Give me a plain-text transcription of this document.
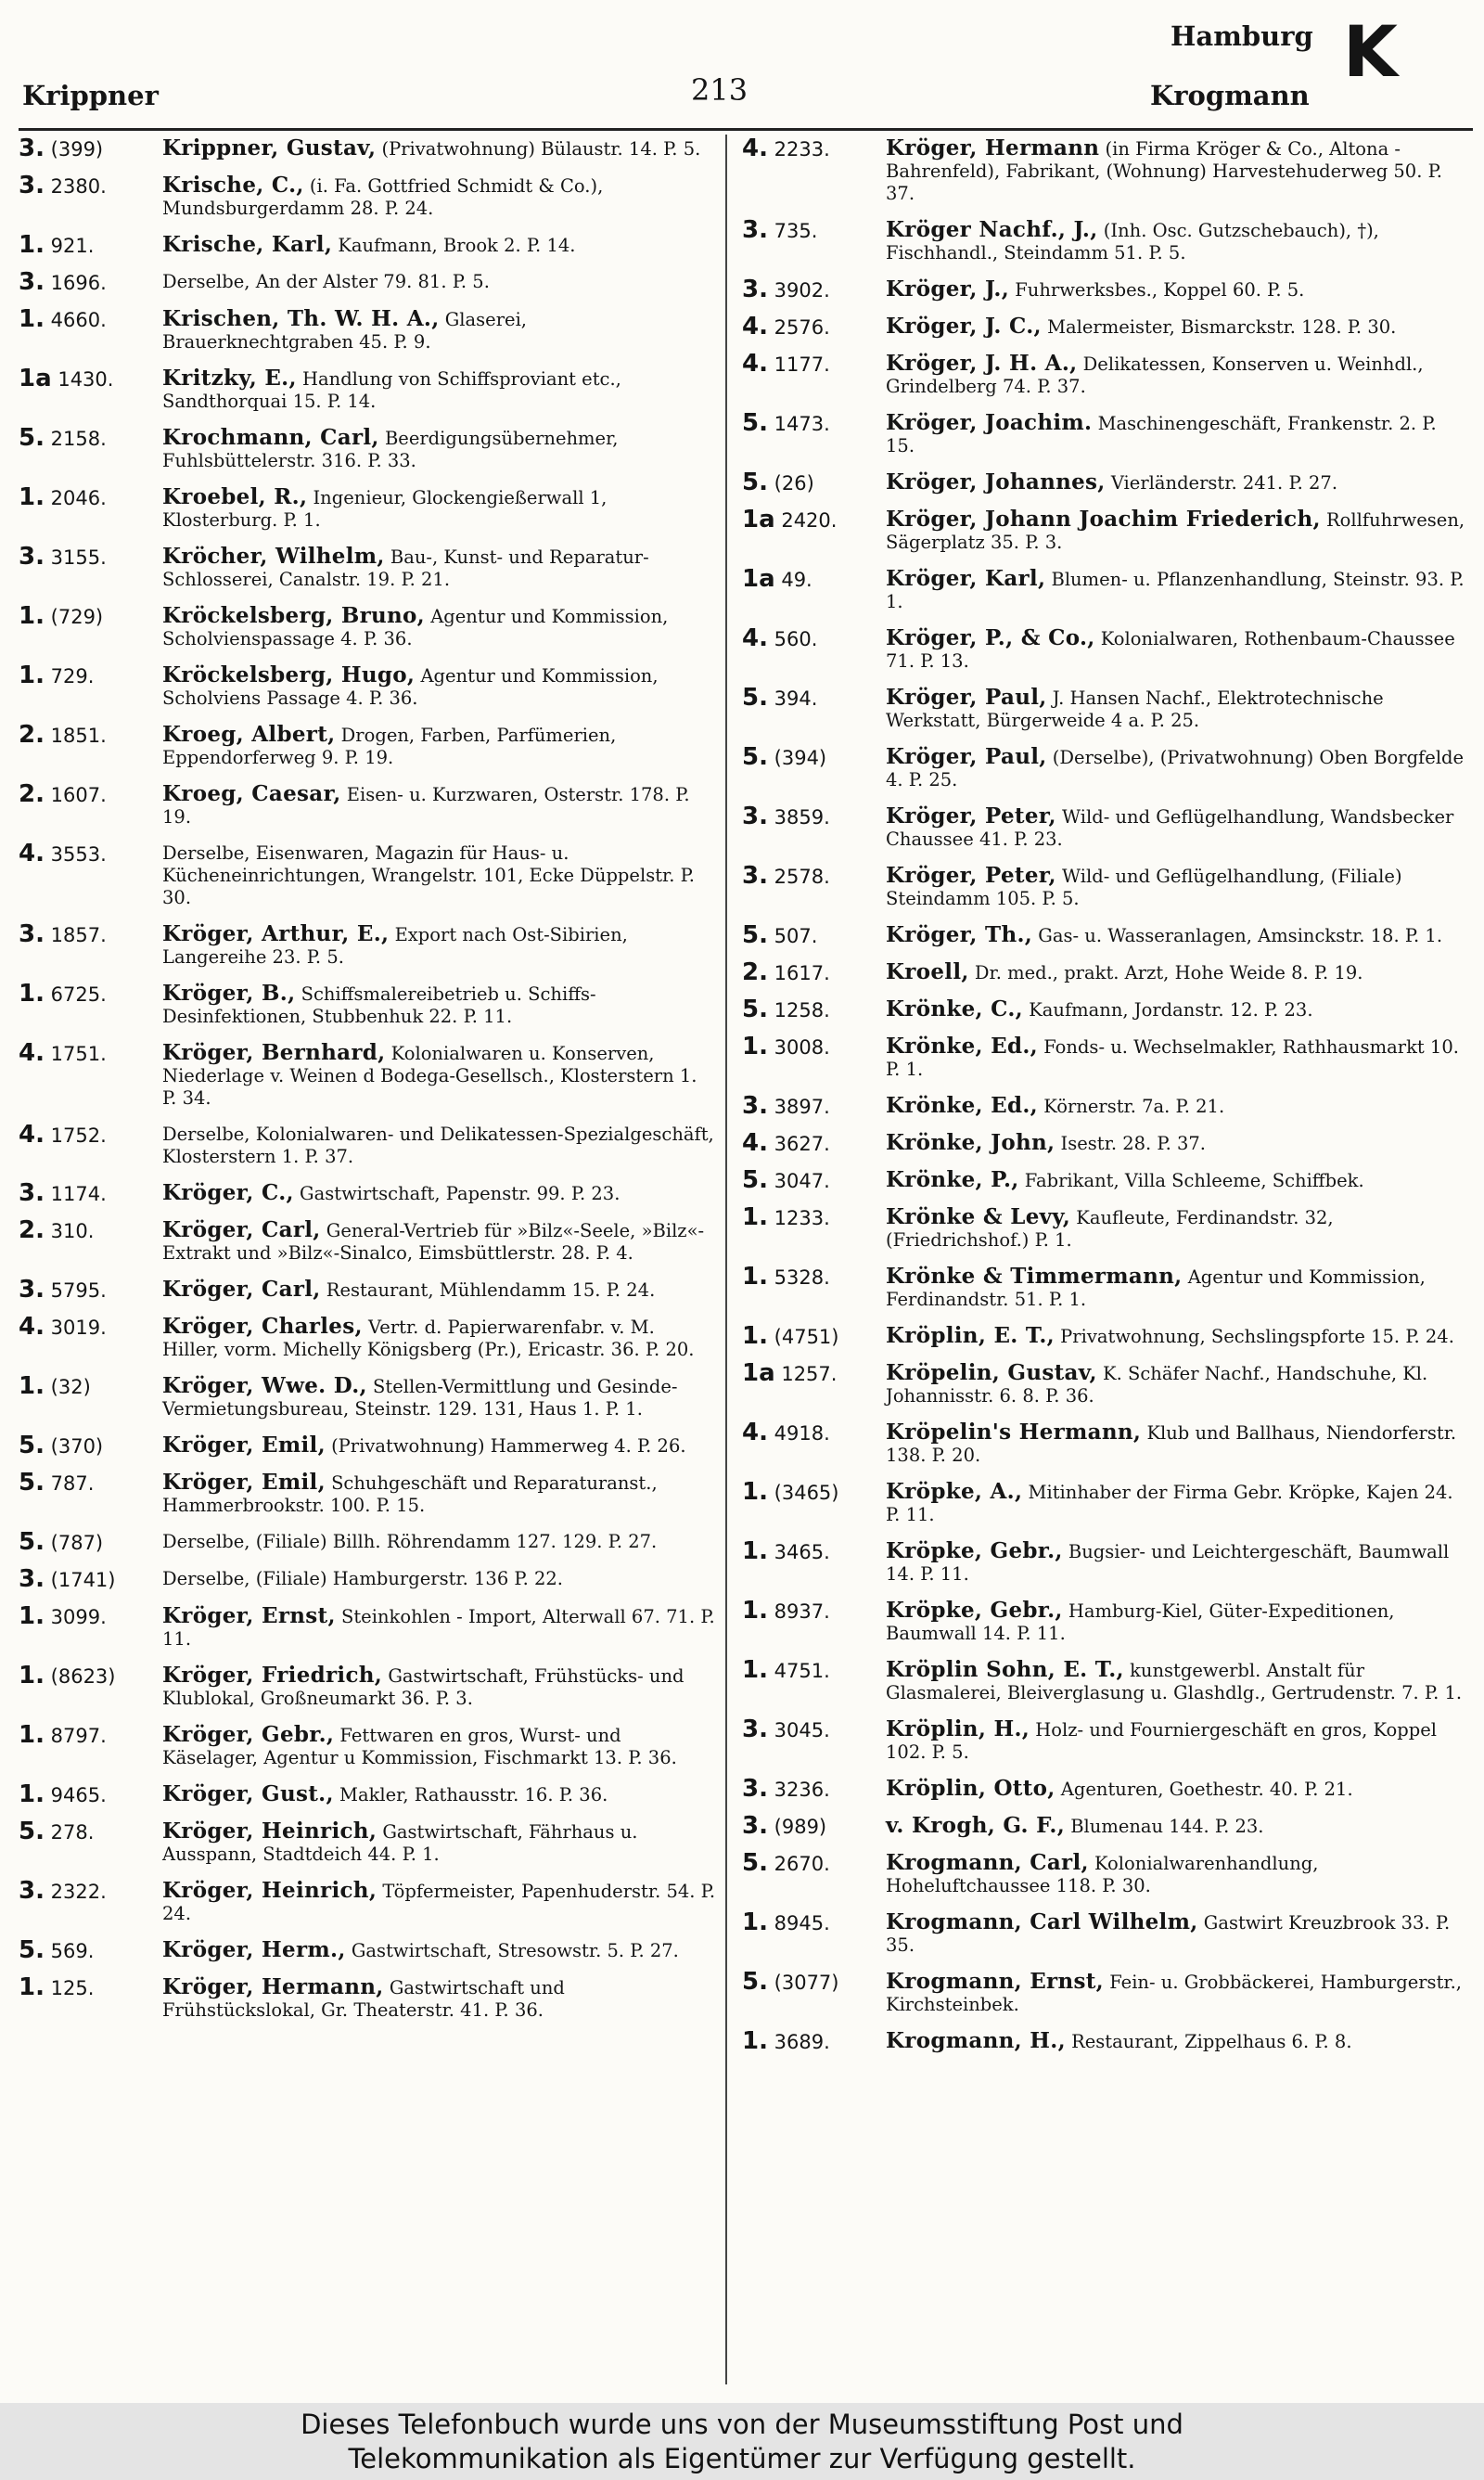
Krippner	213
Hamburg
Krogmann
K
3. (399)	Krippner, Gustav, (Privatwohnung) Bülaustr. 14. P. 5.
3. 2380.	Krische, C., (i. Fa. Gottfried Schmidt & Co.), Mundsburgerdamm 28. P. 24.
1. 921.	Krische, Karl, Kaufmann, Brook 2. P. 14.
3. 1696.	Derselbe, An der Alster 79. 81. P. 5.
1. 4660.	Krischen, Th. W. H. A., Glaserei, Brauerknechtgraben 45. P. 9.
1a 1430.	Kritzky, E., Handlung von Schiffsproviant etc., Sandthorquai 15. P. 14.
5. 2158.	Krochmann, Carl, Beerdigungsübernehmer, Fuhlsbüttelerstr. 316. P. 33.
1. 2046.	Kroebel, R., Ingenieur, Glockengießerwall 1, Klosterburg. P. 1.
3. 3155.	Kröcher, Wilhelm, Bau-, Kunst- und Reparatur-Schlosserei, Canalstr. 19. P. 21.
1. (729)	Kröckelsberg, Bruno, Agentur und Kommission, Scholvienspassage 4. P. 36.
1. 729.	Kröckelsberg, Hugo, Agentur und Kommission, Scholviens Passage 4. P. 36.
2. 1851.	Kroeg, Albert, Drogen, Farben, Parfümerien, Eppendorferweg 9. P. 19.
2. 1607.	Kroeg, Caesar, Eisen- u. Kurzwaren, Osterstr. 178. P. 19.
4. 3553.	Derselbe, Eisenwaren, Magazin für Haus- u. Kücheneinrichtungen, Wrangelstr. 101, Ecke Düppelstr. P. 30.
3. 1857.	Kröger, Arthur, E., Export nach Ost-Sibirien, Langereihe 23. P. 5.
1. 6725.	Kröger, B., Schiffsmalereibetrieb u. Schiffs-Desinfektionen, Stubbenhuk 22. P. 11.
4. 1751.	Kröger, Bernhard, Kolonialwaren u. Konserven, Niederlage v. Weinen d Bodega-Gesellsch., Klosterstern 1. P. 34.
4. 1752.	Derselbe, Kolonialwaren- und Delikatessen-Spezialgeschäft, Klosterstern 1. P. 37.
3. 1174.	Kröger, C., Gastwirtschaft, Papenstr. 99. P. 23.
2. 310.	Kröger, Carl, General-Vertrieb für »Bilz«-Seele, »Bilz«-Extrakt und »Bilz«-Sinalco, Eimsbüttlerstr. 28. P. 4.
3. 5795.	Kröger, Carl, Restaurant, Mühlendamm 15. P. 24.
4. 3019.	Kröger, Charles, Vertr. d. Papierwarenfabr. v. M. Hiller, vorm. Michelly Königsberg (Pr.), Ericastr. 36. P. 20.
1. (32)	Kröger, Wwe. D., Stellen-Vermittlung und Gesinde-Vermietungsbureau, Steinstr. 129. 131, Haus 1. P. 1.
5. (370)	Kröger, Emil, (Privatwohnung) Hammerweg 4. P. 26.
5. 787.	Kröger, Emil, Schuhgeschäft und Reparaturanst., Hammerbrookstr. 100. P. 15.
5. (787)	Derselbe, (Filiale) Billh. Röhrendamm 127. 129. P. 27.
3. (1741)	Derselbe, (Filiale) Hamburgerstr. 136 P. 22.
1. 3099.	Kröger, Ernst, Steinkohlen - Import, Alterwall 67. 71. P. 11.
1. (8623)	Kröger, Friedrich, Gastwirtschaft, Frühstücks- und Klublokal, Großneumarkt 36. P. 3.
1. 8797.	Kröger, Gebr., Fettwaren en gros, Wurst- und Käselager, Agentur u Kommission, Fischmarkt 13. P. 36.
1. 9465.	Kröger, Gust., Makler, Rathausstr. 16. P. 36.
5. 278.	Kröger, Heinrich, Gastwirtschaft, Fährhaus u. Ausspann, Stadtdeich 44. P. 1.
3. 2322.	Kröger, Heinrich, Töpfermeister, Papenhuderstr. 54. P. 24.
5. 569.	Kröger, Herm., Gastwirtschaft, Stresowstr. 5. P. 27.
1. 125.	Kröger, Hermann, Gastwirtschaft und Frühstückslokal, Gr. Theaterstr. 41. P. 36.
4. 2233.	Kröger, Hermann (in Firma Kröger & Co., Altona - Bahrenfeld), Fabrikant, (Wohnung) Harvestehuderweg 50. P. 37.
3. 735.	Kröger Nachf., J., (Inh. Osc. Gutzschebauch), †), Fischhandl., Steindamm 51. P. 5.
3. 3902.	Kröger, J., Fuhrwerksbes., Koppel 60. P. 5.
4. 2576.	Kröger, J. C., Malermeister, Bismarckstr. 128. P. 30.
4. 1177.	Kröger, J. H. A., Delikatessen, Konserven u. Weinhdl., Grindelberg 74. P. 37.
5. 1473.	Kröger, Joachim. Maschinengeschäft, Frankenstr. 2. P. 15.
5. (26)	Kröger, Johannes, Vierländerstr. 241. P. 27.
1a 2420.	Kröger, Johann Joachim Friederich, Rollfuhrwesen, Sägerplatz 35. P. 3.
1a 49.	Kröger, Karl, Blumen- u. Pflanzenhandlung, Steinstr. 93. P. 1.
4. 560.	Kröger, P., & Co., Kolonialwaren, Rothenbaum-Chaussee 71. P. 13.
5. 394.	Kröger, Paul, J. Hansen Nachf., Elektrotechnische Werkstatt, Bürgerweide 4 a. P. 25.
5. (394)	Kröger, Paul, (Derselbe), (Privatwohnung) Oben Borgfelde 4. P. 25.
3. 3859.	Kröger, Peter, Wild- und Geflügelhandlung, Wandsbecker Chaussee 41. P. 23.
3. 2578.	Kröger, Peter, Wild- und Geflügelhandlung, (Filiale) Steindamm 105. P. 5.
5. 507.	Kröger, Th., Gas- u. Wasseranlagen, Amsinckstr. 18. P. 1.
2. 1617.	Kroell, Dr. med., prakt. Arzt, Hohe Weide 8. P. 19.
5. 1258.	Krönke, C., Kaufmann, Jordanstr. 12. P. 23.
1. 3008.	Krönke, Ed., Fonds- u. Wechselmakler, Rathhausmarkt 10. P. 1.
3. 3897.	Krönke, Ed., Körnerstr. 7a. P. 21.
4. 3627.	Krönke, John, Isestr. 28. P. 37.
5. 3047.	Krönke, P., Fabrikant, Villa Schleeme, Schiffbek.
1. 1233.	Krönke & Levy, Kaufleute, Ferdinandstr. 32, (Friedrichshof.) P. 1.
1. 5328.	Krönke & Timmermann, Agentur und Kommission, Ferdinandstr. 51. P. 1.
1. (4751)	Kröplin, E. T., Privatwohnung, Sechslingspforte 15. P. 24.
1a 1257.	Kröpelin, Gustav, K. Schäfer Nachf., Handschuhe, Kl. Johannisstr. 6. 8. P. 36.
4. 4918.	Kröpelin's Hermann, Klub und Ballhaus, Niendorferstr. 138. P. 20.
1. (3465)	Kröpke, A., Mitinhaber der Firma Gebr. Kröpke, Kajen 24. P. 11.
1. 3465.	Kröpke, Gebr., Bugsier- und Leichtergeschäft, Baumwall 14. P. 11.
1. 8937.	Kröpke, Gebr., Hamburg-Kiel, Güter-Expeditionen, Baumwall 14. P. 11.
1. 4751.	Kröplin Sohn, E. T., kunstgewerbl. Anstalt für Glasmalerei, Bleiverglasung u. Glashdlg., Gertrudenstr. 7. P. 1.
3. 3045.	Kröplin, H., Holz- und Fourniergeschäft en gros, Koppel 102. P. 5.
3. 3236.	Kröplin, Otto, Agenturen, Goethestr. 40. P. 21.
3. (989)	v. Krogh, G. F., Blumenau 144. P. 23.
5. 2670.	Krogmann, Carl, Kolonialwarenhandlung, Hoheluftchaussee 118. P. 30.
1. 8945.	Krogmann, Carl Wilhelm, Gastwirt Kreuzbrook 33. P. 35.
5. (3077)	Krogmann, Ernst, Fein- u. Grobbäckerei, Hamburgerstr., Kirchsteinbek.
1. 3689.	Krogmann, H., Restaurant, Zippelhaus 6. P. 8.
Dieses Telefonbuch wurde uns von der Museumsstiftung Post und
Telekommunikation als Eigentümer zur Verfügung gestellt.
